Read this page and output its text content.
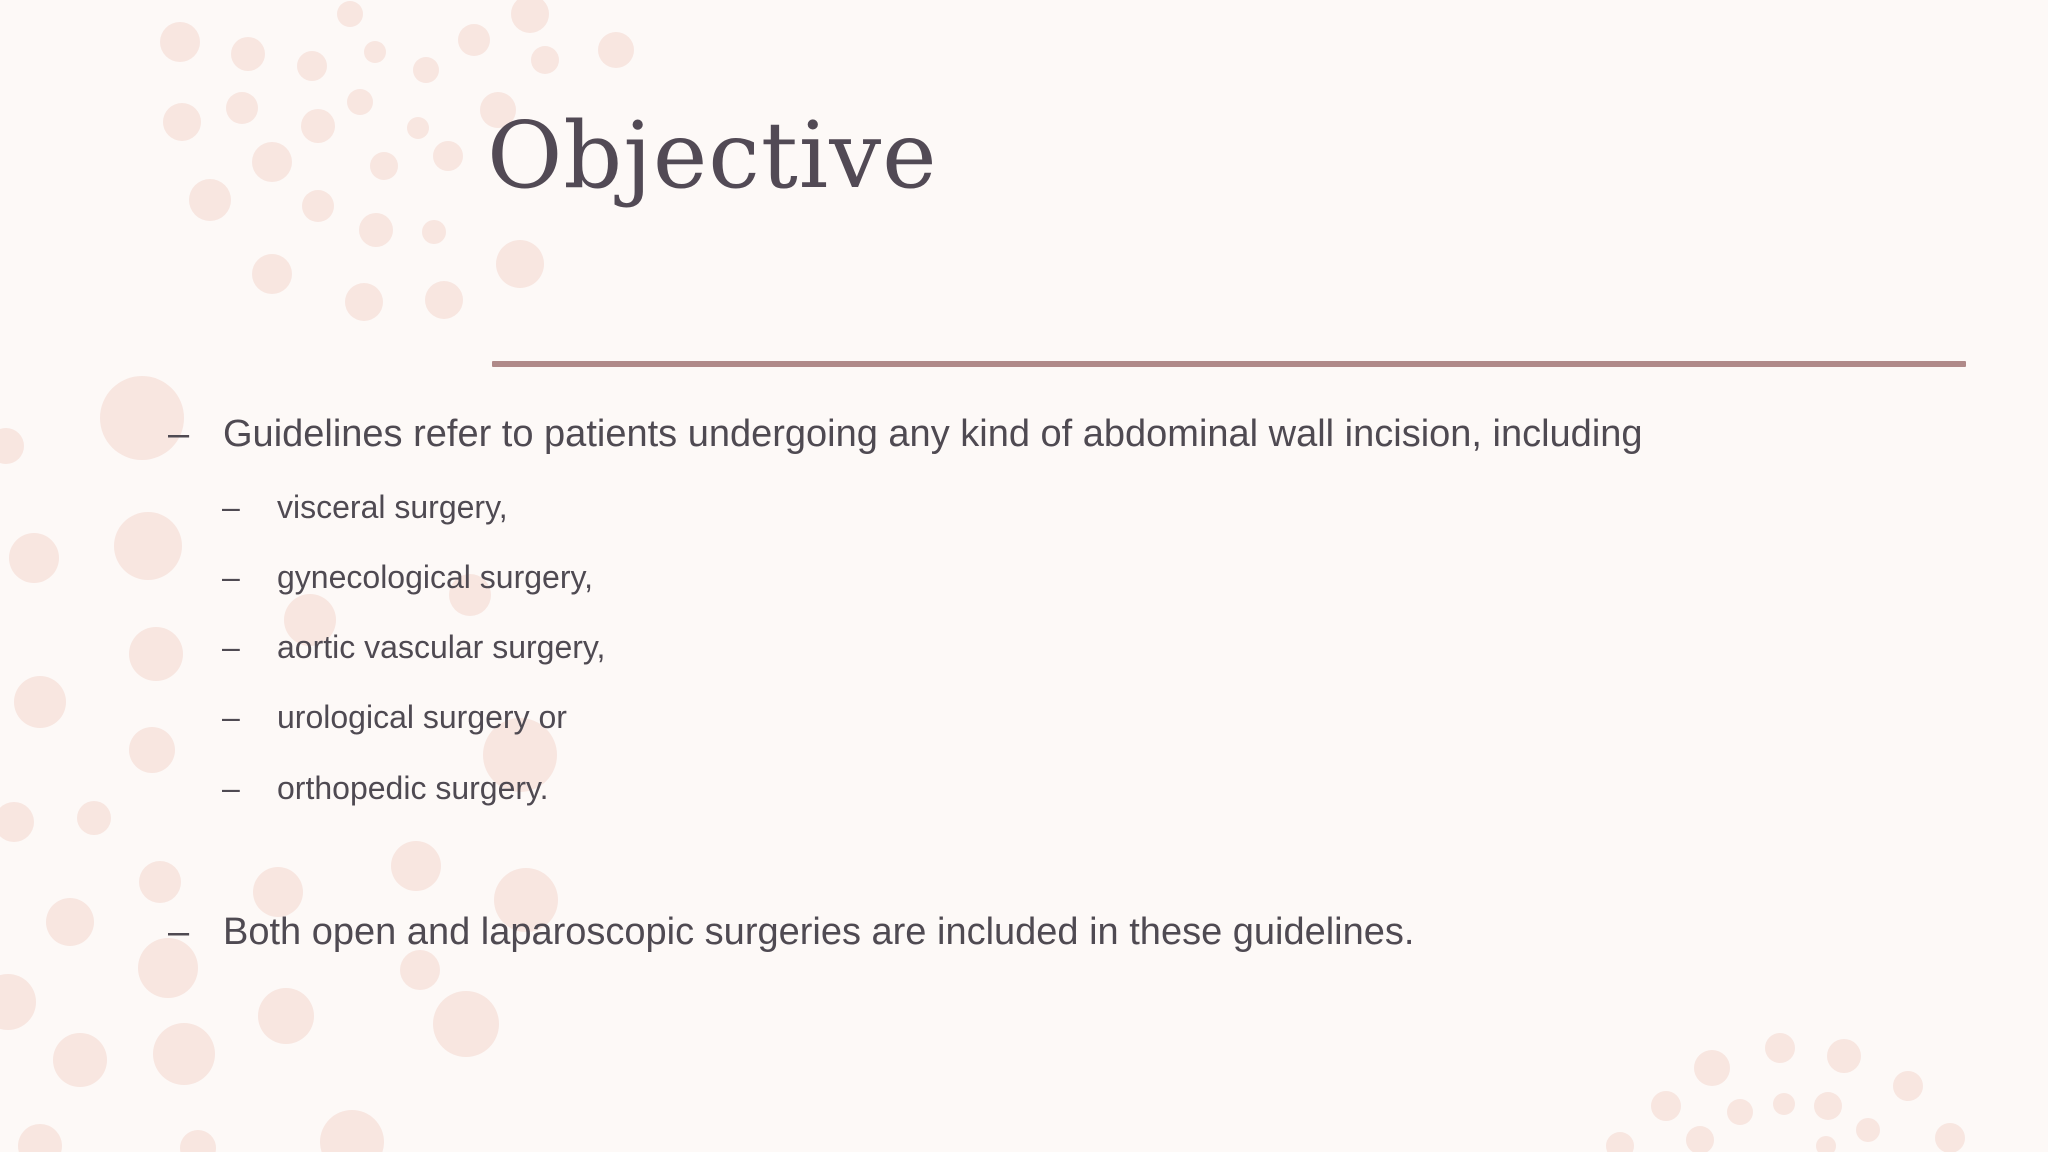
Objective
– Guidelines refer to patients undergoing any kind of abdominal wall incision, including
– visceral surgery,
– gynecological surgery,
– aortic vascular surgery,
– urological surgery or
– orthopedic surgery.
– Both open and laparoscopic surgeries are included in these guidelines.
